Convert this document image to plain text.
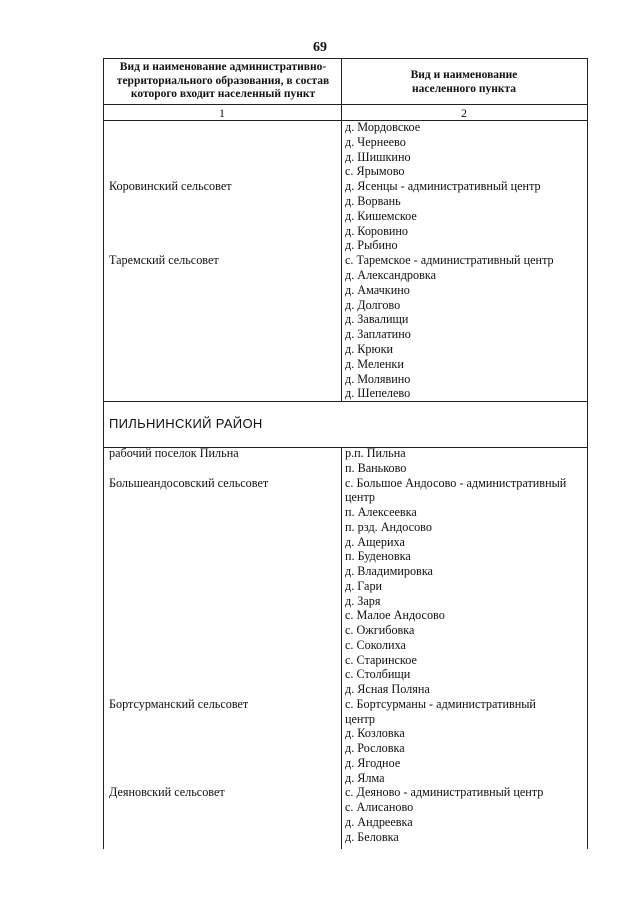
69
Вид и наименование административно-
территориального образования, в состав
которого входит населенный пункт
Вид и наименование
населенного пункта
1	2
ПИЛЬНИНСКИЙ РАЙОН
д. Мордовское
д. Чернеево
д. Шишкино
с. Ярымово
д. Ясенцы - административный центр
д. Ворвань
д. Кишемское
д. Коровино
д. Рыбино
с. Таремское - административный центр
д. Александровка
д. Амачкино
д. Долгово
д. Завалищи
д. Заплатино
д. Крюки
д. Меленки
д. Молявино
д. Шепелево
Коровинский сельсовет
Таремский сельсовет
р.п. Пильна
п. Ваньково
с. Большое Андосово - административный
центр
п. Алексеевка
п. рзд. Андосово
д. Ащериха
п. Буденовка
д. Владимировка
д. Гари
д. Заря
с. Малое Андосово
с. Ожгибовка
с. Соколиха
с. Старинское
с. Столбищи
д. Ясная Поляна
с. Бортсурманы - административный
центр
д. Козловка
д. Рословка
д. Ягодное
д. Ялма
с. Деяново - административный центр
с. Алисаново
д. Андреевка
д. Беловка
рабочий поселок Пильна
Большеандосовский сельсовет
Бортсурманский сельсовет
Деяновский сельсовет
